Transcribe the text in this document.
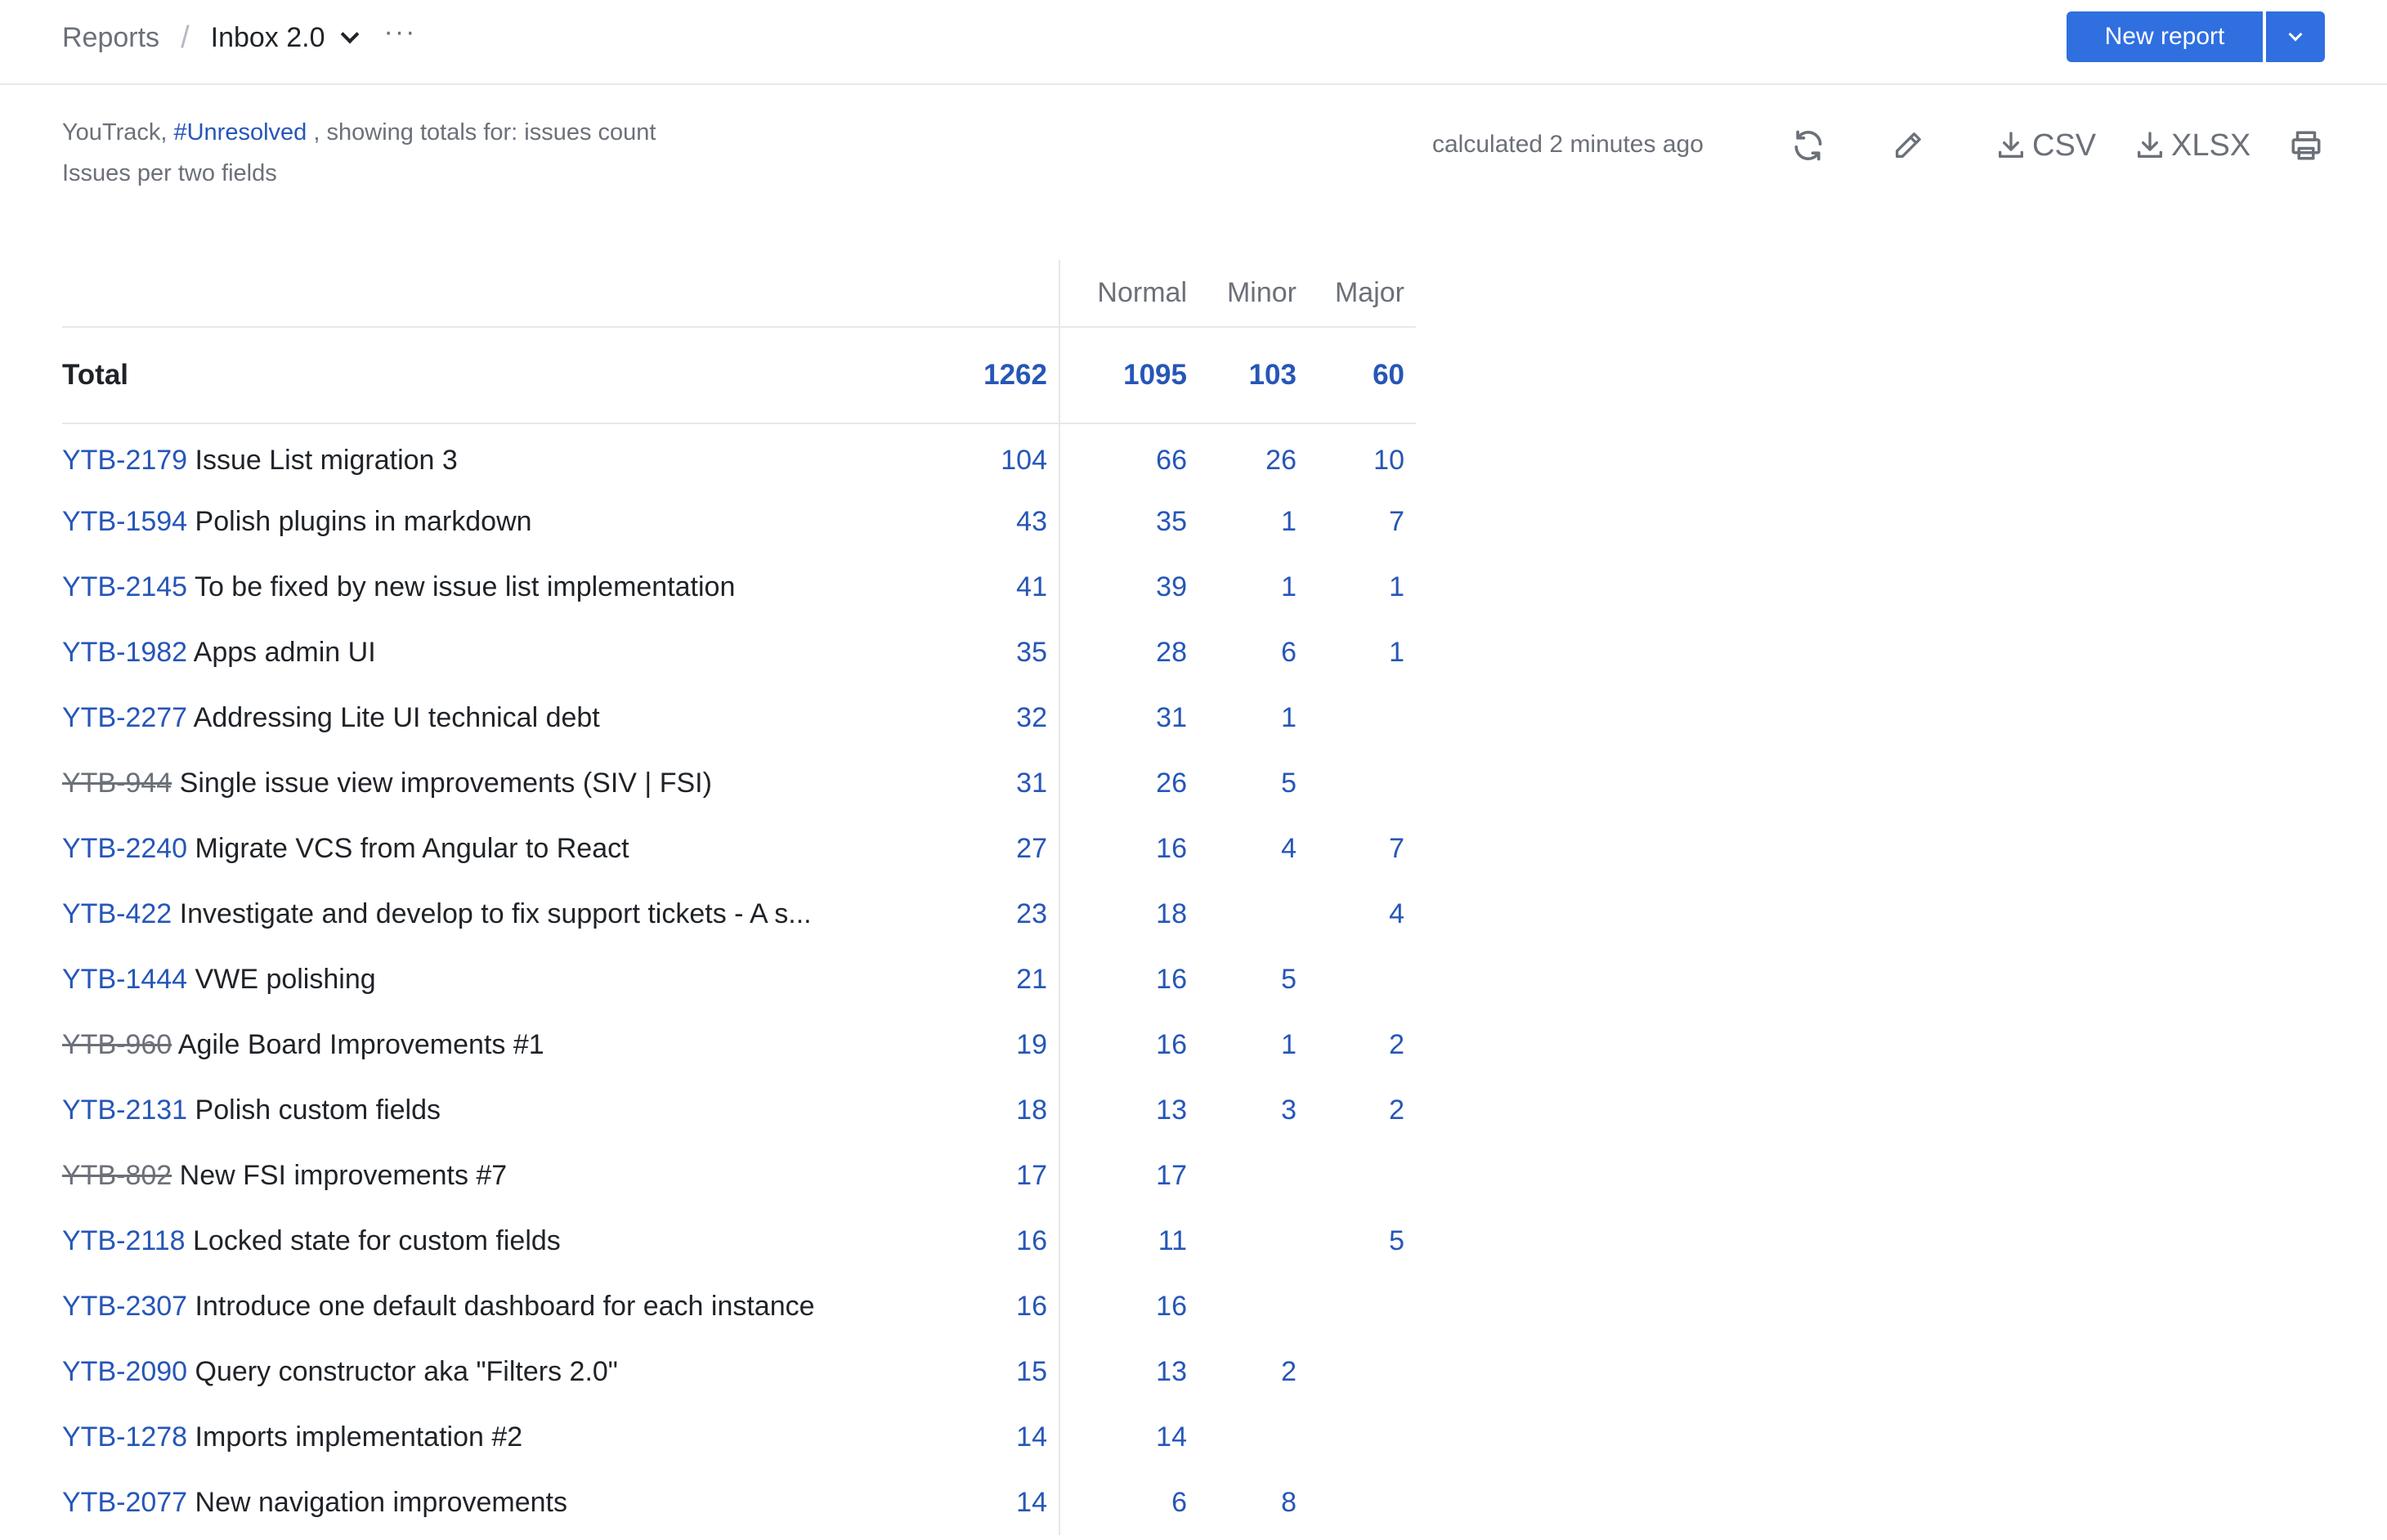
Reports / Inbox 2.0 ···	New report
YouTrack, #Unresolved , showing totals for: issues count
Issues per two fields
calculated 2 minutes ago	CSV XLSX
		Normal	Minor	Major
Total	1262	1095	103	60
YTB-2179 Issue List migration 3	104	66	26	10
YTB-1594 Polish plugins in markdown	43	35	1	7
YTB-2145 To be fixed by new issue list implementation	41	39	1	1
YTB-1982 Apps admin UI	35	28	6	1
YTB-2277 Addressing Lite UI technical debt	32	31	1	
YTB-944 Single issue view improvements (SIV | FSI)	31	26	5	
YTB-2240 Migrate VCS from Angular to React	27	16	4	7
YTB-422 Investigate and develop to fix support tickets - A s...	23	18		4
YTB-1444 VWE polishing	21	16	5	
YTB-960 Agile Board Improvements #1	19	16	1	2
YTB-2131 Polish custom fields	18	13	3	2
YTB-802 New FSI improvements #7	17	17		
YTB-2118 Locked state for custom fields	16	11		5
YTB-2307 Introduce one default dashboard for each instance	16	16		
YTB-2090 Query constructor aka "Filters 2.0"	15	13	2	
YTB-1278 Imports implementation #2	14	14		
YTB-2077 New navigation improvements	14	6	8	
